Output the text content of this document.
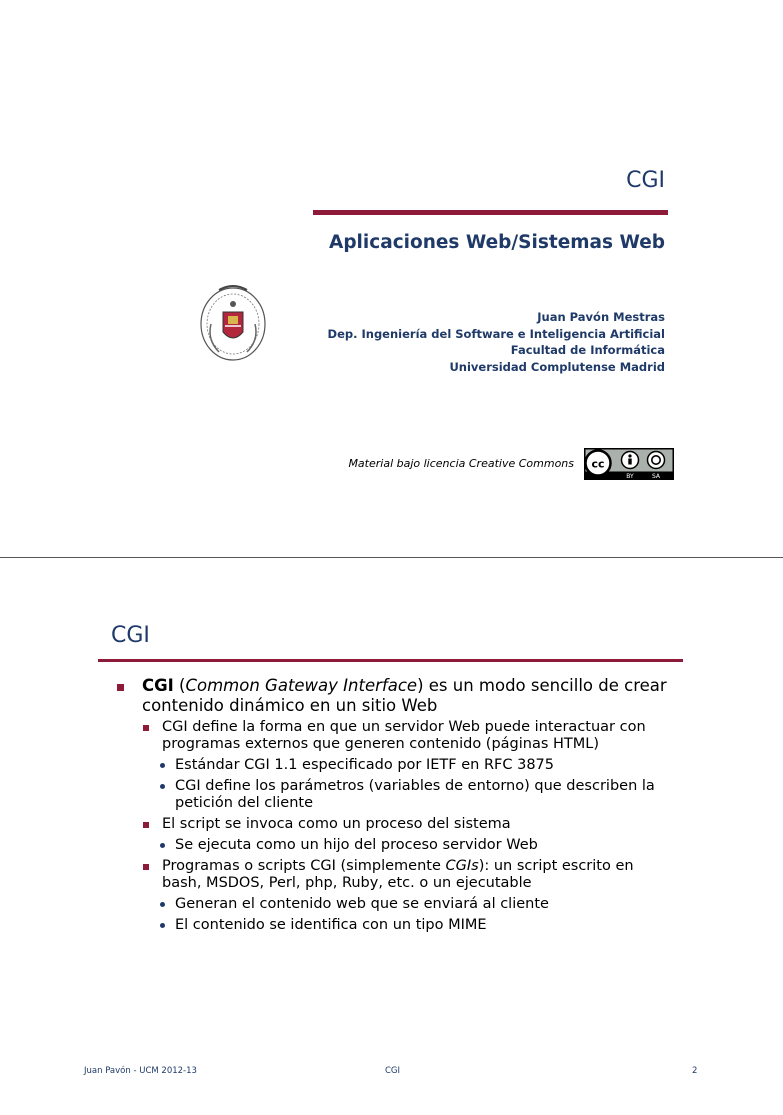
CGI
Aplicaciones Web/Sistemas Web
Juan Pavón Mestras
Dep. Ingeniería del Software e Inteligencia Artificial
Facultad de Informática
Universidad Complutense Madrid
Material bajo licencia Creative Commons cc
BY	SA
CGI
CGI (Common Gateway Interface) es un modo sencillo de crear
contenido dinámico en un sitio Web
CGI define la forma en que un servidor Web puede interactuar con
programas externos que generen contenido (páginas HTML)
Estándar CGI 1.1 especificado por IETF en RFC 3875
CGI define los parámetros (variables de entorno) que describen la
petición del cliente
El script se invoca como un proceso del sistema
Se ejecuta como un hijo del proceso servidor Web
Programas o scripts CGI (simplemente CGIs): un script escrito en
bash, MSDOS, Perl, php, Ruby, etc. o un ejecutable
Generan el contenido web que se enviará al cliente
El contenido se identifica con un tipo MIME
Juan Pavón - UCM 2012-13	CGI	2
